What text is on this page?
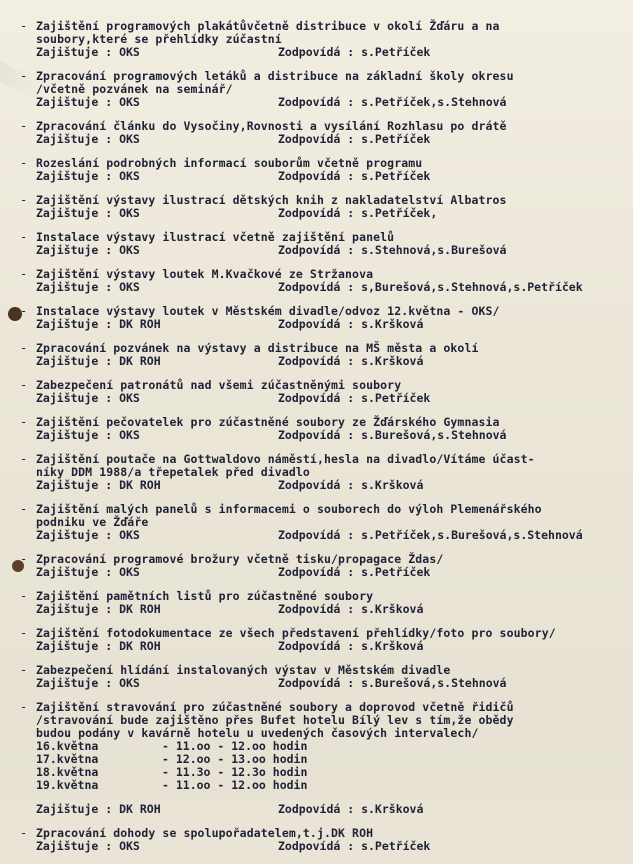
- Zajištění programových plakátůvčetně distribuce v okolí Žďáru a na
soubory,které se přehlídky zúčastní
Zajištuje : OKS	Zodpovídá : s.Petříček
- Zpracování programových letáků a distribuce na základní školy okresu
/včetně pozvánek na seminář/
Zajištuje : OKS	Zodpovídá : s.Petříček,s.Stehnová
- Zpracování článku do Vysočiny,Rovnosti a vysílání Rozhlasu po drátě
Zajištuje : OKS	Zodpovídá : s.Petříček
- Rozeslání podrobných informací souborům včetně programu
Zajištuje : OKS	Zodpovídá : s.Petříček
- Zajištění výstavy ilustrací dětských knih z nakladatelství Albatros
Zajištuje : OKS	Zodpovídá : s.Petříček,
- Instalace výstavy ilustrací včetně zajištění panelů
Zajištuje : OKS	Zodpovídá : s.Stehnová,s.Burešová
- Zajištění výstavy loutek M.Kvačkové ze Stržanova
Zajištuje : OKS	Zodpovídá : s,Burešová,s.Stehnová,s.Petříček
- Instalace výstavy loutek v Městském divadle/odvoz 12.května - OKS/
Zajištuje : DK ROH	Zodpovídá : s.Kršková
- Zpracování pozvánek na výstavy a distribuce na MŠ města a okolí
Zajištuje : DK ROH	Zodpovídá : s.Kršková
- Zabezpečení patronátů nad všemi zúčastněnými soubory
Zajištuje : OKS	Zodpovídá : s.Petříček
- Zajištění pečovatelek pro zúčastněné soubory ze Žďárského Gymnasia
Zajištuje : OKS	Zodpovídá : s.Burešová,s.Stehnová
- Zajištění poutače na Gottwaldovo náměstí,hesla na divadlo/Vítáme účast-
níky DDM 1988/a třepetalek před divadlo
Zajištuje : DK ROH	Zodpovídá : s.Kršková
- Zajištění malých panelů s informacemi o souborech do výloh Plemenářského
podniku ve Žďáře
Zajištuje : OKS	Zodpovídá : s.Petříček,s.Burešová,s.Stehnová
- Zpracování programové brožury včetně tisku/propagace Ždas/
Zajištuje : OKS	Zodpovídá : s.Petříček
- Zajištění pamětních listů pro zúčastněné soubory
Zajištuje : DK ROH	Zodpovídá : s.Kršková
- Zajištění fotodokumentace ze všech představení přehlídky/foto pro soubory/
Zajištuje : DK ROH	Zodpovídá : s.Kršková
- Zabezpečení hlídání instalovaných výstav v Městském divadle
Zajištuje : OKS	Zodpovídá : s.Burešová,s.Stehnová
- Zajištění stravování pro zúčastněné soubory a doprovod včetně řidičů
/stravování bude zajištěno přes Bufet hotelu Bílý lev s tím,že obědy
budou podány v kavárně hotelu u uvedených časových intervalech/
16.května	- 11.oo - 12.oo hodin
17.května	- 12.oo - 13.oo hodin
18.května	- 11.3o - 12.3o hodin
19.května	- 11.oo - 12.oo hodin
Zajištuje : DK ROH	Zodpovídá : s.Kršková
- Zpracování dohody se spolupořadatelem,t.j.DK ROH
Zajištuje : OKS	Zodpovídá : s.Petříček
